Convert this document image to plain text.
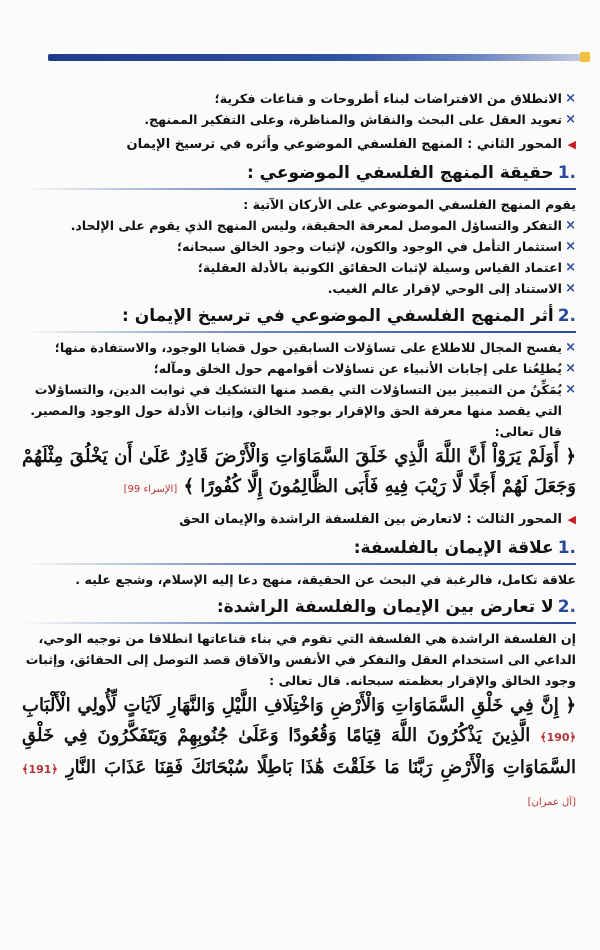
× الانطلاق من الافتراضات لبناء أطروحات و قناعات فكرية؛
× تعويد العقل على البحث والنقاش والمناظرة، وعلى التفكير الممنهج.
◀ المحور الثاني : المنهج الفلسفي الموضوعي وأثره في ترسيخ الإيمان
.1حقيقة المنهج الفلسفي الموضوعي :
يقوم المنهج الفلسفي الموضوعي على الأركان الآتية :
× التفكر والتساؤل الموصل لمعرفة الحقيقة، وليس المنهج الذي يقوم على الإلحاد.
× استثمار التأمل في الوجود والكون، لإثبات وجود الخالق سبحانه؛
× اعتماد القياس وسيلة لإثبات الحقائق الكونية بالأدلة العقلية؛
× الاستناد إلى الوحي لإقرار عالم الغيب.
.2أثر المنهج الفلسفي الموضوعي في ترسيخ الإيمان :
× يفسح المجال للاطلاع على تساؤلات السابقين حول قضايا الوجود، والاستفادة منها؛
× يُطلِعُنا على إجابات الأنبياء عن تساؤلات أقوامهم حول الخلق ومآله؛
× يُمَكِّنُ من التمييز بين التساؤلات التي يقصد منها التشكيك في ثوابت الدين، والتساؤلات التي يقصد منها معرفة الحق والإقرار بوجود الخالق، وإثبات الأدلة حول الوجود والمصير. قال تعالى:
﴿ أَوَلَمْ يَرَوْاْ أَنَّ اللَّهَ الَّذِي خَلَقَ السَّمَاوَاتِ وَالْأَرْضَ قَادِرٌ عَلَىٰ أَن يَخْلُقَ مِثْلَهُمْ وَجَعَلَ لَهُمْ أَجَلًا لَّا رَيْبَ فِيهِ فَأَبَى الظَّالِمُونَ إِلَّا كُفُورًا ﴾ [الإسراء 99]
◀ المحور الثالث : لاتعارض بين الفلسفة الراشدة والإيمان الحق
.1علاقة الإيمان بالفلسفة:
علاقة تكامل، فالرغبة في البحث عن الحقيقة، منهج دعا إليه الإسلام، وشجع عليه .
.2لا تعارض بين الإيمان والفلسفة الراشدة:
إن الفلسفة الراشدة هي الفلسفة التي تقوم في بناء قناعاتها انطلاقا من توجيه الوحي، الداعي الى استخدام العقل والتفكر في الأنفس والآفاق قصد التوصل إلى الحقائق، وإثبات وجود الخالق والإقرار بعظمته سبحانه. قال تعالى :
﴿ إِنَّ فِي خَلْقِ السَّمَاوَاتِ وَالْأَرْضِ وَاخْتِلَافِ اللَّيْلِ وَالنَّهَارِ لَآيَاتٍ لِّأُولِي الْأَلْبَابِ ﴿190﴾ الَّذِينَ يَذْكُرُونَ اللَّهَ قِيَامًا وَقُعُودًا وَعَلَىٰ جُنُوبِهِمْ وَيَتَفَكَّرُونَ فِي خَلْقِ السَّمَاوَاتِ وَالْأَرْضِ رَبَّنَا مَا خَلَقْتَ هَٰذَا بَاطِلًا سُبْحَانَكَ فَقِنَا عَذَابَ النَّارِ ﴿191﴾ [آل عمران]
